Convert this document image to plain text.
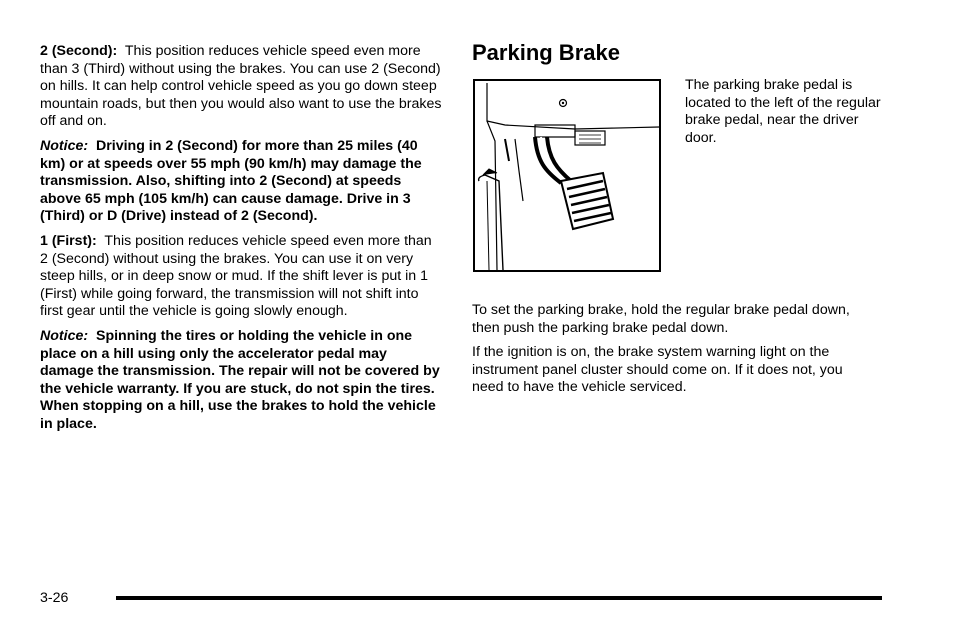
2 (Second): This position reduces vehicle speed even more than 3 (Third) without using the brakes. You can use 2 (Second) on hills. It can help control vehicle speed as you go down steep mountain roads, but then you would also want to use the brakes off and on.

Notice: Driving in 2 (Second) for more than 25 miles (40 km) or at speeds over 55 mph (90 km/h) may damage the transmission. Also, shifting into 2 (Second) at speeds above 65 mph (105 km/h) can cause damage. Drive in 3 (Third) or D (Drive) instead of 2 (Second).

1 (First): This position reduces vehicle speed even more than 2 (Second) without using the brakes. You can use it on very steep hills, or in deep snow or mud. If the shift lever is put in 1 (First) while going forward, the transmission will not shift into first gear until the vehicle is going slowly enough.

Notice: Spinning the tires or holding the vehicle in one place on a hill using only the accelerator pedal may damage the transmission. The repair will not be covered by the vehicle warranty. If you are stuck, do not spin the tires. When stopping on a hill, use the brakes to hold the vehicle in place.

Parking Brake
The parking brake pedal is located to the left of the regular brake pedal, near the driver door.

To set the parking brake, hold the regular brake pedal down, then push the parking brake pedal down.

If the ignition is on, the brake system warning light on the instrument panel cluster should come on. If it does not, you need to have the vehicle serviced.

3-26
